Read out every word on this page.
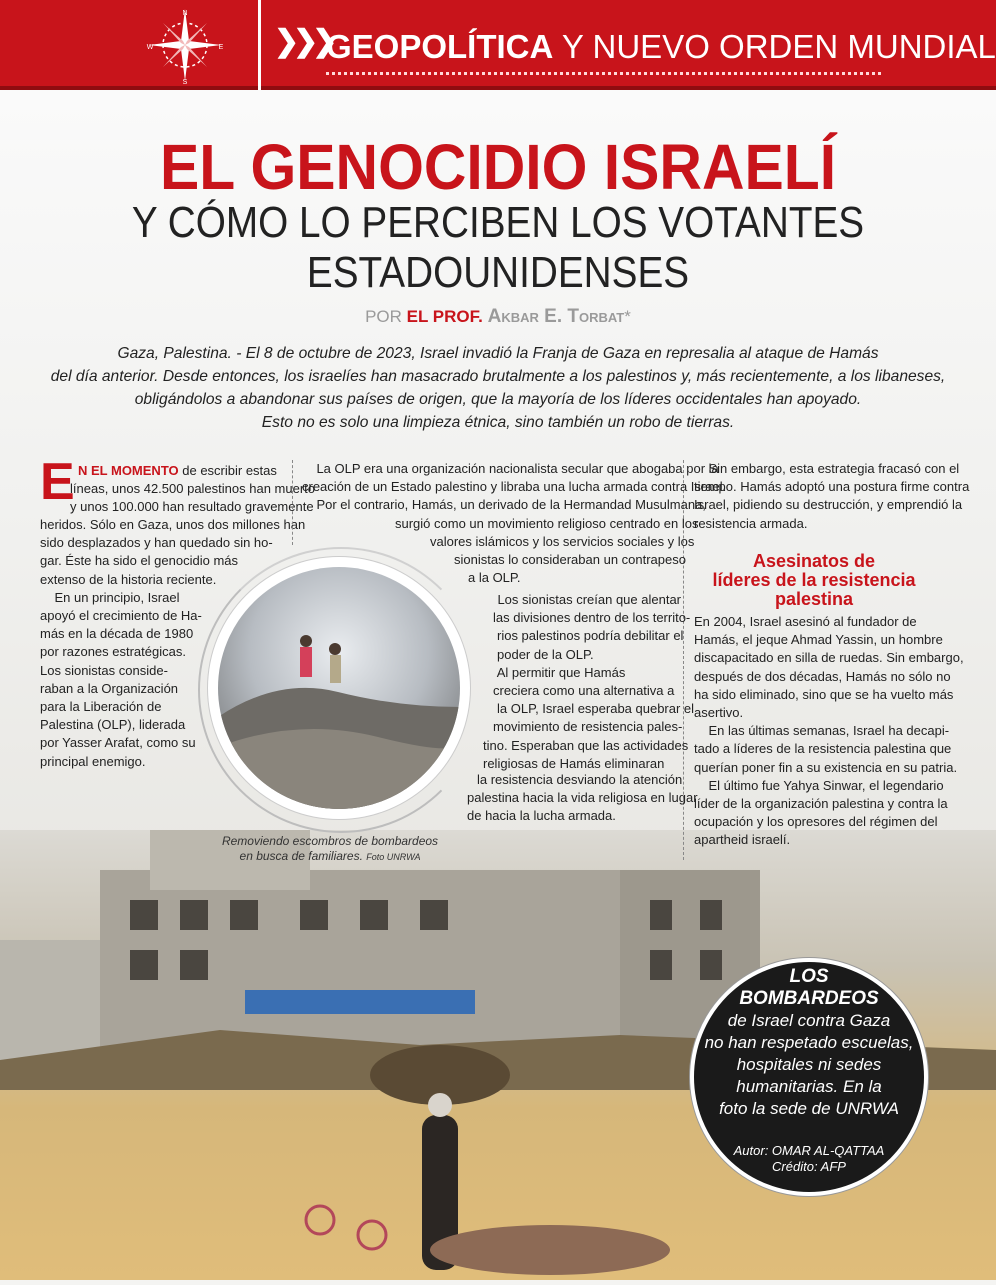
N
E
S
W	❯❯❯
GEOPOLÍTICA Y NUEVO ORDEN MUNDIAL
EL GENOCIDIO ISRAELÍ
Y CÓMO LO PERCIBEN LOS VOTANTES
ESTADOUNIDENSES
POR EL PROF. Akbar E. Torbat*
Gaza, Palestina. - El 8 de octubre de 2023, Israel invadió la Franja de Gaza en represalia al ataque de Hamás
del día anterior. Desde entonces, los israelíes han masacrado brutalmente a los palestinos y, más recientemente, a los libaneses,
obligándolos a abandonar sus países de origen, que la mayoría de los líderes occidentales han apoyado.
Esto no es solo una limpieza étnica, sino también un robo de tierras.
E N EL MOMENTO de escribir estas
líneas, unos 42.500 palestinos han muerto
y unos 100.000 han resultado gravemente
heridos. Sólo en Gaza, unos dos millones han
sido desplazados y han quedado sin ho-
gar. Éste ha sido el genocidio más
extenso de la historia reciente.
En un principio, Israel
apoyó el crecimiento de Ha-
más en la década de 1980
por razones estratégicas.
Los sionistas conside-
raban a la Organización
para la Liberación de
Palestina (OLP), liderada
por Yasser Arafat, como su
principal enemigo.
La OLP era una organización nacionalista secular que abogaba por la
creación de un Estado palestino y libraba una lucha armada contra Israel.
Por el contrario, Hamás, un derivado de la Hermandad Musulmana,
surgió como un movimiento religioso centrado en los
valores islámicos y los servicios sociales y los
sionistas lo consideraban un contrapeso
a la OLP.
Los sionistas creían que alentar
las divisiones dentro de los territo-
rios palestinos podría debilitar el
poder de la OLP.
Al permitir que Hamás
creciera como una alternativa a
la OLP, Israel esperaba quebrar el
movimiento de resistencia pales-
tino. Esperaban que las actividades
religiosas de Hamás eliminaran
la resistencia desviando la atención
palestina hacia la vida religiosa en lugar
de hacia la lucha armada.
Sin embargo, esta estrategia fracasó con el
tiempo. Hamás adoptó una postura firme contra
Israel, pidiendo su destrucción, y emprendió la
resistencia armada.
Asesinatos de
líderes de la resistencia
palestina
En 2004, Israel asesinó al fundador de
Hamás, el jeque Ahmad Yassin, un hombre
discapacitado en silla de ruedas. Sin embargo,
después de dos décadas, Hamás no sólo no
ha sido eliminado, sino que se ha vuelto más
asertivo.
En las últimas semanas, Israel ha decapi-
tado a líderes de la resistencia palestina que
querían poner fin a su existencia en su patria.
El último fue Yahya Sinwar, el legendario
líder de la organización palestina y contra la
ocupación y los opresores del régimen del
apartheid israelí.
Removiendo escombros de bombardeos
en busca de familiares. Foto UNRWA
LOS
BOMBARDEOS
de Israel contra Gaza
no han respetado escuelas,
hospitales ni sedes
humanitarias. En la
foto la sede de UNRWA
Autor: OMAR AL-QATTAA
Crédito: AFP
